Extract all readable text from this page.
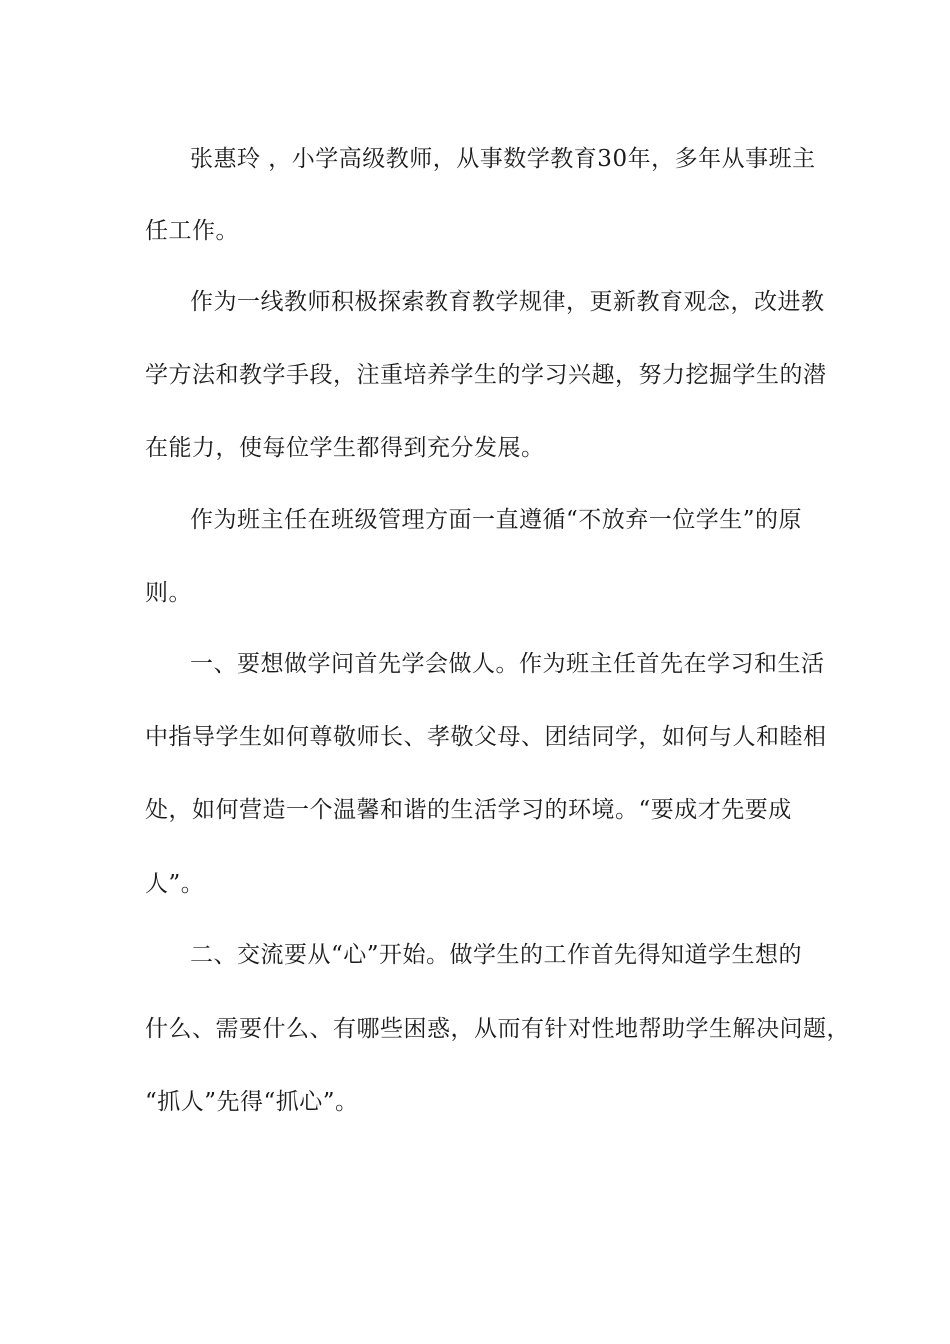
张惠玲 ，小学高级教师，从事数学教育30年，多年从事班主
任工作。
作为一线教师积极探索教育教学规律，更新教育观念，改进教
学方法和教学手段，注重培养学生的学习兴趣，努力挖掘学生的潜
在能力，使每位学生都得到充分发展。
作为班主任在班级管理方面一直遵循“不放弃一位学生”的原
则。
一、要想做学问首先学会做人。作为班主任首先在学习和生活
中指导学生如何尊敬师长、孝敬父母、团结同学，如何与人和睦相
处，如何营造一个温馨和谐的生活学习的环境。“要成才先要成
人”。
二、交流要从“心”开始。做学生的工作首先得知道学生想的
什么、需要什么、有哪些困惑，从而有针对性地帮助学生解决问题，
“抓人”先得“抓心”。
